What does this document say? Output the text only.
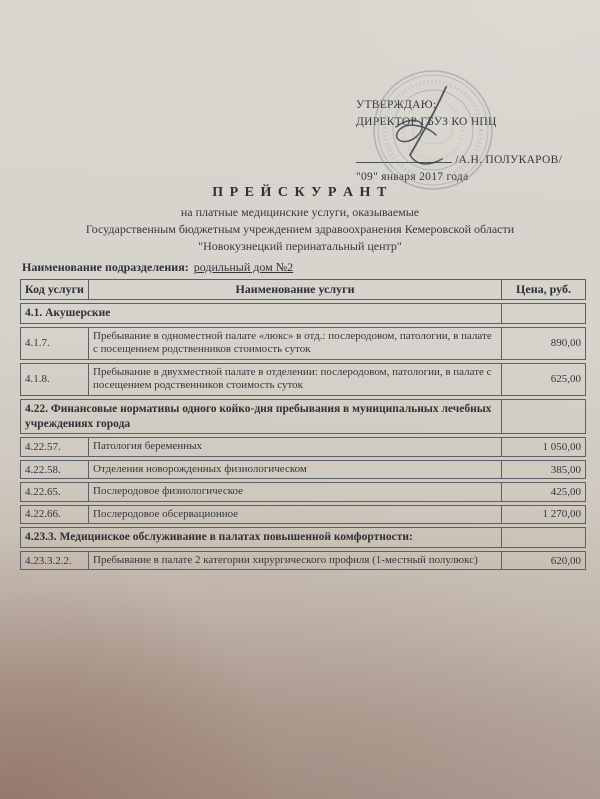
УТВЕРЖДАЮ:
ДИРЕКТОР ГБУЗ КО НПЦ
/А.Н. ПОЛУКАРОВ/
"09" января 2017 года
П Р Е Й С К У Р А Н Т
на платные медицинские услуги, оказываемые
Государственным бюджетным учреждением здравоохранения Кемеровской области
"Новокузнецкий перинатальный центр"
Наименование подразделения: родильный дом №2
Код услуги	Наименование услуги	Цена, руб.
4.1. Акушерские		
4.1.7.	Пребывание в одноместной палате «люкс» в отд.: послеродовом, патологии, в палате с посещением родственников стоимость суток	890,00
4.1.8.	Пребывание в двухместной палате в отделении: послеродовом, патологии, в палате с посещением родственников стоимость суток	625,00
4.22. Финансовые нормативы одного койко-дня пребывания в муниципальных лечебных учреждениях города		
4.22.57.	Патология беременных	1 050,00
4.22.58.	Отделения новорожденных физиологическом	385,00
4.22.65.	Послеродовое физиологическое	425,00
4.22.66.	Послеродовое обсервационное	1 270,00
4.23.3. Медицинское обслуживание в палатах повышенной комфортности:		
4.23.3.2.2.	Пребывание в палате 2 категории хирургического профиля (1-местный полулюкс)	620,00
